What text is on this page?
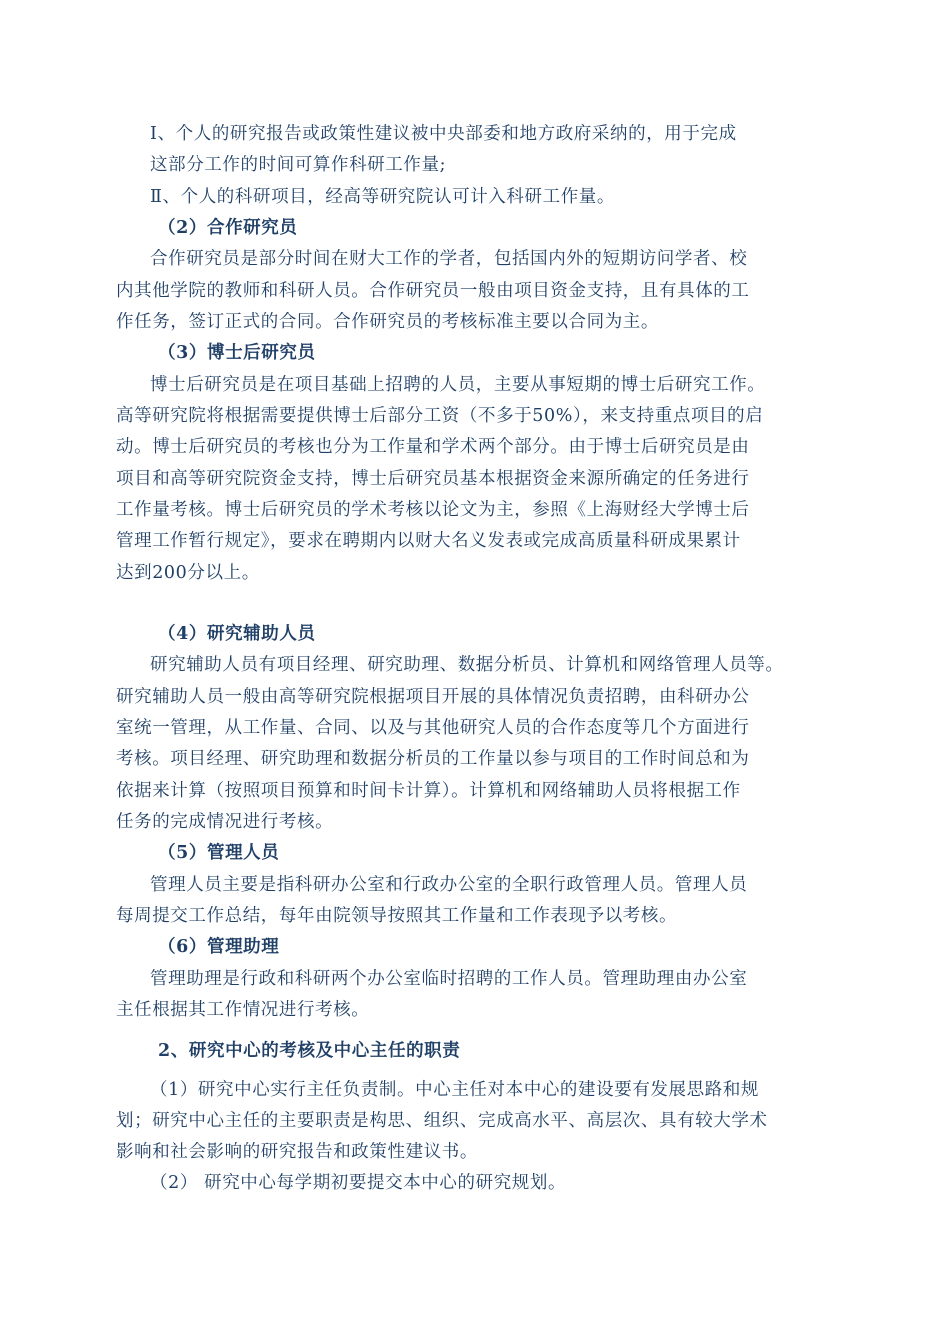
Ⅰ、个人的研究报告或政策性建议被中央部委和地方政府采纳的，用于完成
这部分工作的时间可算作科研工作量;
Ⅱ、个人的科研项目，经高等研究院认可计入科研工作量。
（2）合作研究员
合作研究员是部分时间在财大工作的学者，包括国内外的短期访问学者、校
内其他学院的教师和科研人员。合作研究员一般由项目资金支持，且有具体的工
作任务，签订正式的合同。合作研究员的考核标准主要以合同为主。
（3）博士后研究员
博士后研究员是在项目基础上招聘的人员，主要从事短期的博士后研究工作。
高等研究院将根据需要提供博士后部分工资（不多于50%），来支持重点项目的启
动。博士后研究员的考核也分为工作量和学术两个部分。由于博士后研究员是由
项目和高等研究院资金支持，博士后研究员基本根据资金来源所确定的任务进行
工作量考核。博士后研究员的学术考核以论文为主，参照《上海财经大学博士后
管理工作暂行规定》，要求在聘期内以财大名义发表或完成高质量科研成果累计
达到200分以上。
（4）研究辅助人员
研究辅助人员有项目经理、研究助理、数据分析员、计算机和网络管理人员等。
研究辅助人员一般由高等研究院根据项目开展的具体情况负责招聘，由科研办公
室统一管理，从工作量、合同、以及与其他研究人员的合作态度等几个方面进行
考核。项目经理、研究助理和数据分析员的工作量以参与项目的工作时间总和为
依据来计算（按照项目预算和时间卡计算）。计算机和网络辅助人员将根据工作
任务的完成情况进行考核。
（5）管理人员
管理人员主要是指科研办公室和行政办公室的全职行政管理人员。管理人员
每周提交工作总结，每年由院领导按照其工作量和工作表现予以考核。
（6）管理助理
管理助理是行政和科研两个办公室临时招聘的工作人员。管理助理由办公室
主任根据其工作情况进行考核。
2、研究中心的考核及中心主任的职责
（1）研究中心实行主任负责制。中心主任对本中心的建设要有发展思路和规
划；研究中心主任的主要职责是构思、组织、完成高水平、高层次、具有较大学术
影响和社会影响的研究报告和政策性建议书。
（2） 研究中心每学期初要提交本中心的研究规划。
